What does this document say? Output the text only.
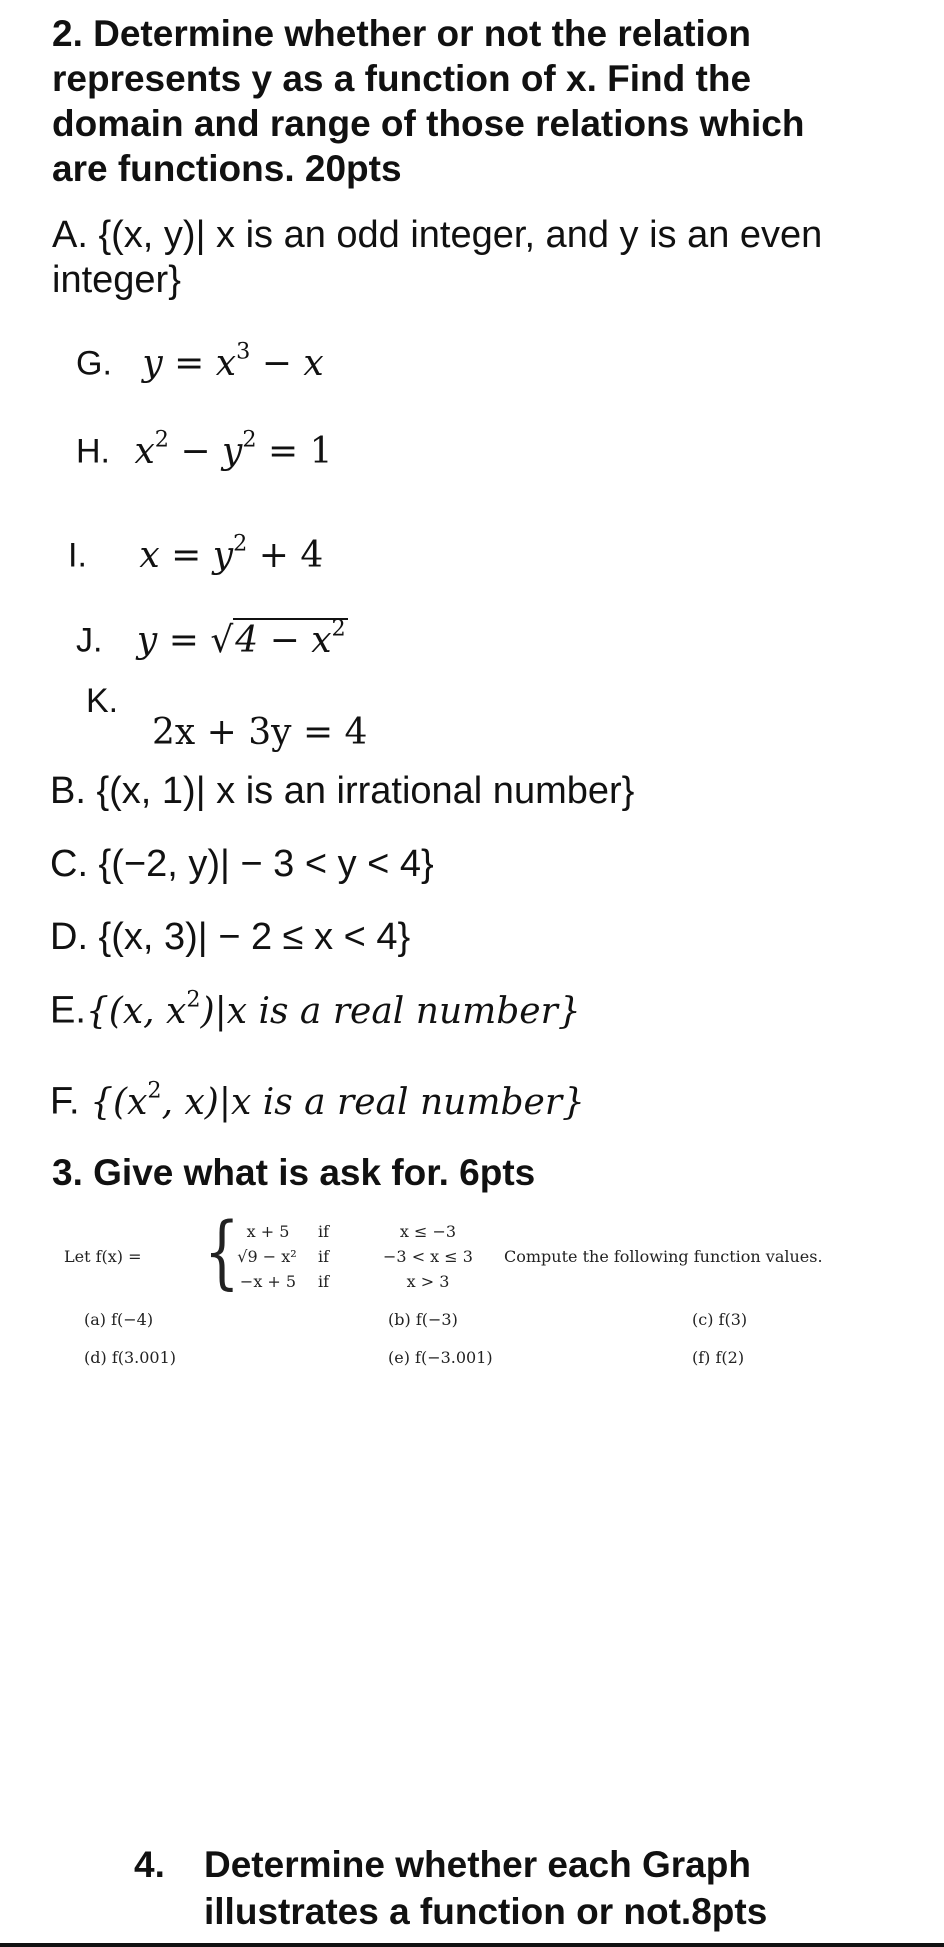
2. Determine whether or not the relation
represents y as a function of x. Find the
domain and range of those relations which
are functions. 20pts
A. {(x, y)| x is an odd integer, and y is an even
integer}
G. $y = x^3 - x$
H. $x^2 - y^2 = 1$
I. $x = y^2 + 4$
J. $y = √4 - x^2$
K.
2x + 3y = 4
B. {(x, 1)| x is an irrational number}
C. {(−2, y)| − 3 < y < 4}
D. {(x, 3)| − 2 ≤ x < 4}
E.{(x, $x^2)|x$ is a real number}
F. {($x^2$, x)|x is a real number}
3. Give what is ask for. 6pts
Let f(x) = { x + 5	if	x ≤ −3
√9 − x²	if	−3 < x ≤ 3
−x + 5	if	x > 3
Compute the following function values.
(a) f(−4)	(b) f(−3)	(c) f(3)
(d) f(3.001)	(e) f(−3.001)	(f) f(2)
4. Determine whether each Graph
illustrates a function or not.8pts
